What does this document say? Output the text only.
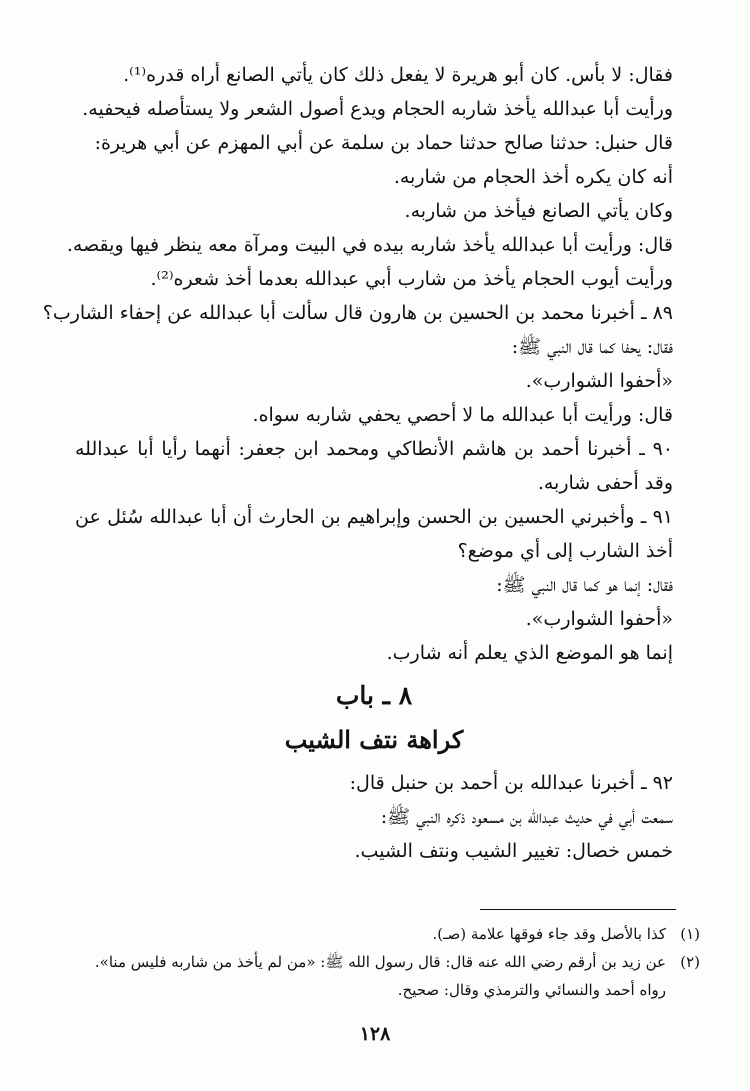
فقال: لا بأس. كان أبو هريرة لا يفعل ذلك كان يأتي الصانع أراه قدره⁽¹⁾.

ورأيت أبا عبدالله يأخذ شاربه الحجام ويدع أصول الشعر ولا يستأصله فيحفيه.

قال حنبل: حدثنا صالح حدثنا حماد بن سلمة عن أبي المهزم عن أبي هريرة:

أنه كان يكره أخذ الحجام من شاربه.

وكان يأتي الصانع فيأخذ من شاربه.

قال: ورأيت أبا عبدالله يأخذ شاربه بيده في البيت ومرآة معه ينظر فيها ويقصه.

ورأيت أيوب الحجام يأخذ من شارب أبي عبدالله بعدما أخذ شعره⁽²⁾.

٨٩ ـ أخبرنا محمد بن الحسين بن هارون قال سألت أبا عبدالله عن إحفاء الشارب؟

فقال: يحفا كما قال النبي ﷺ:

«أحفوا الشوارب».

قال: ورأيت أبا عبدالله ما لا أحصي يحفي شاربه سواه.

٩٠ ـ أخبرنا أحمد بن هاشم الأنطاكي ومحمد ابن جعفر: أنهما رأيا أبا عبدالله وقد أحفى شاربه.

٩١ ـ وأخبرني الحسين بن الحسن وإبراهيم بن الحارث أن أبا عبدالله سُئل عن أخذ الشارب إلى أي موضع؟

فقال: إنما هو كما قال النبي ﷺ:

«أحفوا الشوارب».

إنما هو الموضع الذي يعلم أنه شارب.

٨ ـ باب
كراهة نتف الشيب

٩٢ ـ أخبرنا عبدالله بن أحمد بن حنبل قال:

سمعت أبي في حديث عبدالله بن مسعود ذكره النبي ﷺ:

خمس خصال: تغيير الشيب ونتف الشيب.

(١)
كذا بالأصل وقد جاء فوقها علامة (صـ).
(٢)
عن زيد بن أرقم رضي الله عنه قال: قال رسول الله ﷺ: «من لم يأخذ من شاربه فليس منا». رواه أحمد والنسائي والترمذي وقال: صحيح.
١٢٨
